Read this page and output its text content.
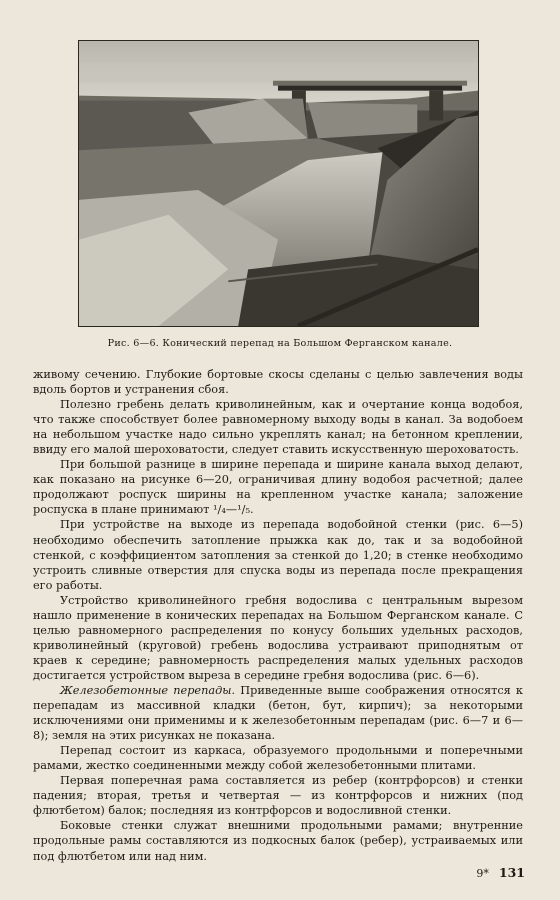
Рис. 6—6. Конический перепад на Большом Ферганском канале.

живому сечению. Глубокие бортовые скосы сделаны с целью завлечения воды вдоль бортов и устранения сбоя.

Полезно гребень делать криволинейным, как и очертание конца водобоя, что также способствует более равномерному выходу воды в канал. За водобоем на небольшом участке надо сильно укреплять канал; на бетонном креплении, ввиду его малой шероховатости, следует ставить искусственную шероховатость.

При большой разнице в ширине перепада и ширине канала выход делают, как показано на рисунке 6—20, ограничивая длину водобоя расчетной; далее продолжают роспуск ширины на крепленном участке канала; заложение роспуска в плане принимают ¹/₄—¹/₅.

При устройстве на выходе из перепада водобойной стенки (рис. 6—5) необходимо обеспечить затопление прыжка как до, так и за водобойной стенкой, с коэффициентом затопления за стенкой до 1,20; в стенке необходимо устроить сливные отверстия для спуска воды из перепада после прекращения его работы.

Устройство криволинейного гребня водослива с центральным вырезом нашло применение в конических перепадах на Большом Ферганском канале. С целью равномерного распределения по конусу больших удельных расходов, криволинейный (круговой) гребень водослива устраивают приподнятым от краев к середине; равномерность распределения малых удельных расходов достигается устройством выреза в середине гребня водослива (рис. 6—6).

Железобетонные перепады. Приведенные выше соображения относятся к перепадам из массивной кладки (бетон, бут, кирпич); за некоторыми исключениями они применимы и к железобетонным перепадам (рис. 6—7 и 6—8); земля на этих рисунках не показана.

Перепад состоит из каркаса, образуемого продольными и поперечными рамами, жестко соединенными между собой железобетонными плитами.

Первая поперечная рама составляется из ребер (контрфорсов) и стенки падения; вторая, третья и четвертая — из контрфорсов и нижних (под флютбетом) балок; последняя из контрфорсов и водосливной стенки.

Боковые стенки служат внешними продольными рамами; внутренние продольные рамы составляются из подкосных балок (ребер), устраиваемых или под флютбетом или над ним.

9* 131
